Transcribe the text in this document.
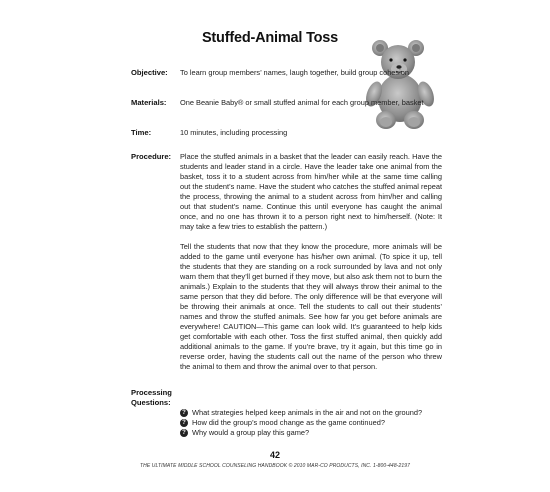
Stuffed-Animal Toss
Objective: To learn group members’ names, laugh together, build group cohesion
Materials: One Beanie Baby® or small stuffed animal for each group member, basket
Time:	10 minutes, including processing
Procedure: Place the stuffed animals in a basket that the leader can easily reach. Have the students and leader stand in a circle. Have the leader take one animal from the basket, toss it to a student across from him/her while at the same time calling out the student’s name. Have the student who catches the stuffed animal repeat the process, throwing the animal to a student across from him/her and calling out that student’s name. Continue this until everyone has caught the animal once, and no one has thrown it to a person right next to him/herself. (Note: It may take a few tries to establish the pattern.)

Tell the students that now that they know the procedure, more animals will be added to the game until everyone has his/her own animal. (To spice it up, tell the students that they are standing on a rock surrounded by lava and not only warn them that they’ll get burned if they move, but also ask them not to burn the animals.) Explain to the students that they will always throw their animal to the same person that they did before. The only difference will be that everyone will be throwing their animals at once. Tell the students to call out their students’ names and throw the stuffed animals. See how far you get before animals are everywhere! CAUTION—This game can look wild. It’s guaranteed to help kids get comfortable with each other. Toss the first stuffed animal, then quickly add additional animals to the game. If you’re brave, try it again, but this time go in reverse order, having the students call out the name of the person who threw the animal to them and throw the animal over to that person.

Processing Questions:
? What strategies helped keep animals in the air and not on the ground?
? How did the group’s mood change as the game continued?
? Why would a group play this game?
42
THE ULTIMATE MIDDLE SCHOOL COUNSELING HANDBOOK © 2010 MAR-CO PRODUCTS, INC. 1-800-448-2197
